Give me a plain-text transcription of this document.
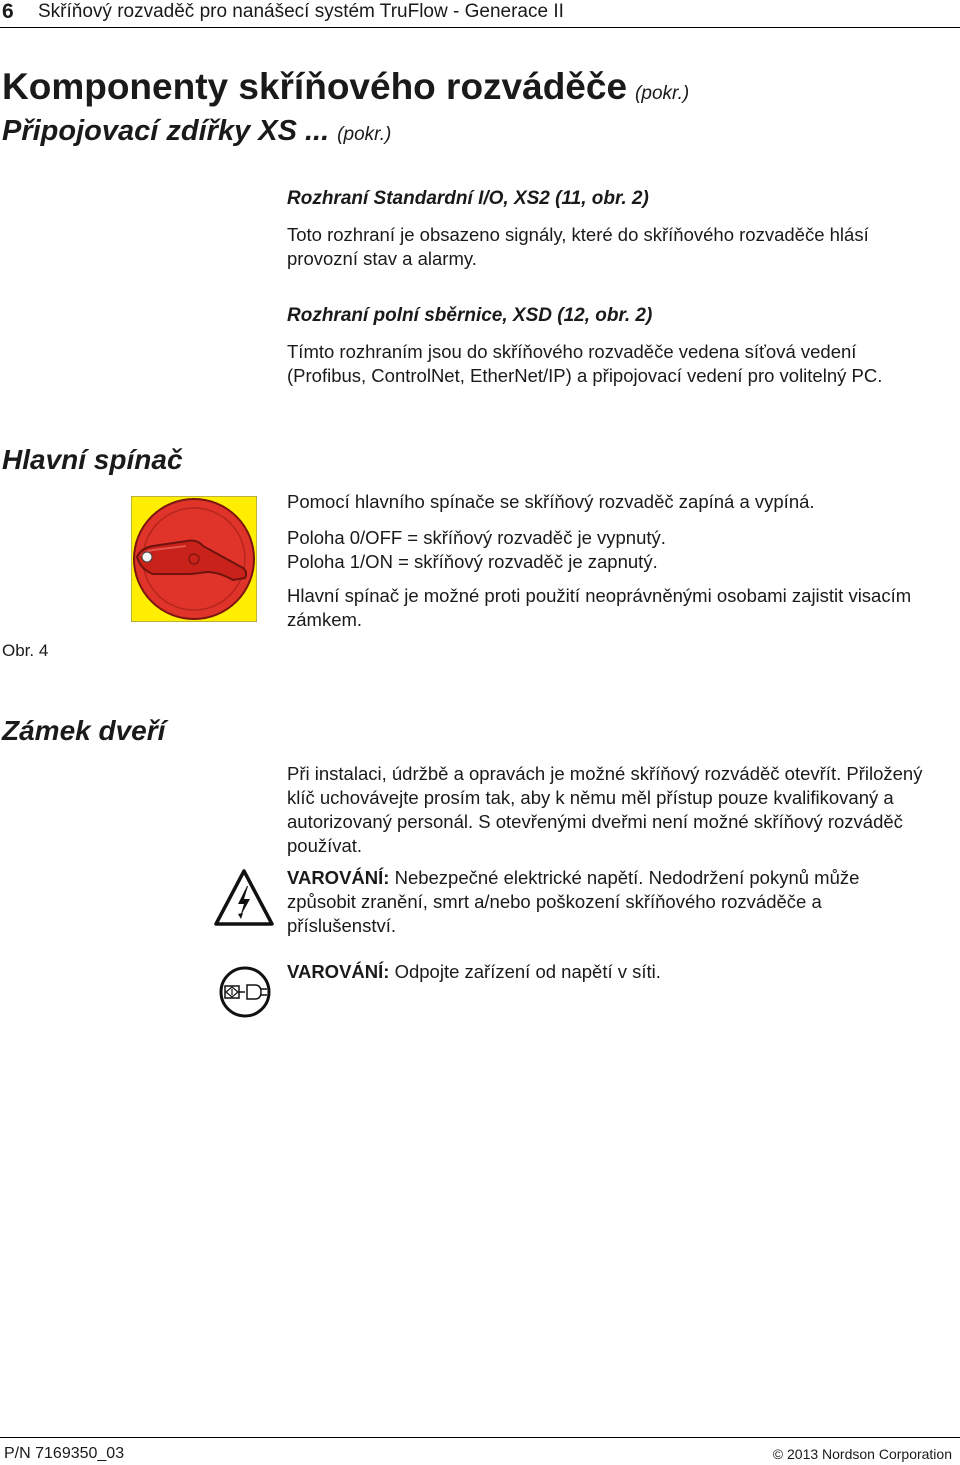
6 Skříňový rozvaděč pro nanášecí systém TruFlow - Generace II
Komponenty skříňového rozváděče (pokr.)
Připojovací zdířky XS ... (pokr.)
Rozhraní Standardní I/O, XS2 (11, obr. 2)
Toto rozhraní je obsazeno signály, které do skříňového rozvaděče hlásí
provozní stav a alarmy.
Rozhraní polní sběrnice, XSD (12, obr. 2)
Tímto rozhraním jsou do skříňového rozvaděče vedena síťová vedení
(Profibus, ControlNet, EtherNet/IP) a připojovací vedení pro volitelný PC.
Hlavní spínač
Pomocí hlavního spínače se skříňový rozvaděč zapíná a vypíná.
Poloha 0/OFF = skříňový rozvaděč je vypnutý.
Poloha 1/ON = skříňový rozvaděč je zapnutý.
Hlavní spínač je možné proti použití neoprávněnými osobami zajistit visacím
zámkem.
Obr. 4
Zámek dveří
Při instalaci, údržbě a opravách je možné skříňový rozváděč otevřít. Přiložený
klíč uchovávejte prosím tak, aby k němu měl přístup pouze kvalifikovaný a
autorizovaný personál. S otevřenými dveřmi není možné skříňový rozváděč
používat.
VAROVÁNÍ: Nebezpečné elektrické napětí. Nedodržení pokynů může
způsobit zranění, smrt a/nebo poškození skříňového rozváděče a
příslušenství.
VAROVÁNÍ: Odpojte zařízení od napětí v síti.
P/N 7169350_03	© 2013 Nordson Corporation
